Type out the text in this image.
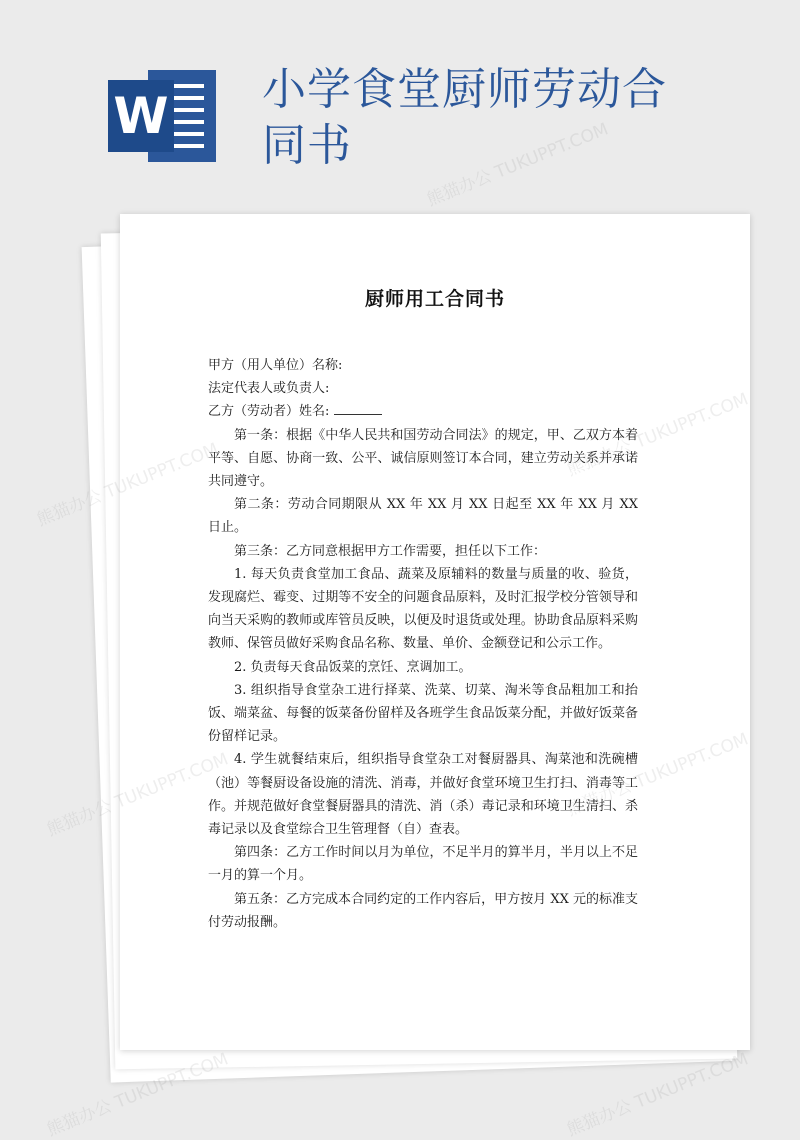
W 小学食堂厨师劳动合同书
厨师用工合同书

甲方（用人单位）名称:

法定代表人或负责人:

乙方（劳动者）姓名:

第一条：根据《中华人民共和国劳动合同法》的规定，甲、乙双方本着平等、自愿、协商一致、公平、诚信原则签订本合同，建立劳动关系并承诺共同遵守。

第二条：劳动合同期限从 XX 年 XX 月 XX 日起至 XX 年 XX 月 XX 日止。

第三条：乙方同意根据甲方工作需要，担任以下工作：

1. 每天负责食堂加工食品、蔬菜及原辅料的数量与质量的收、验货，发现腐烂、霉变、过期等不安全的问题食品原料，及时汇报学校分管领导和向当天采购的教师或库管员反映，以便及时退货或处理。协助食品原料采购教师、保管员做好采购食品名称、数量、单价、金额登记和公示工作。

2. 负责每天食品饭菜的烹饪、烹调加工。

3. 组织指导食堂杂工进行择菜、洗菜、切菜、淘米等食品粗加工和抬饭、端菜盆、每餐的饭菜备份留样及各班学生食品饭菜分配，并做好饭菜备份留样记录。

4. 学生就餐结束后，组织指导食堂杂工对餐厨器具、淘菜池和洗碗槽（池）等餐厨设备设施的清洗、消毒，并做好食堂环境卫生打扫、消毒等工作。并规范做好食堂餐厨器具的清洗、消（杀）毒记录和环境卫生清扫、杀毒记录以及食堂综合卫生管理督（自）查表。

第四条：乙方工作时间以月为单位，不足半月的算半月，半月以上不足一月的算一个月。

第五条：乙方完成本合同约定的工作内容后，甲方按月 XX 元的标准支付劳动报酬。

熊猫办公 TUKUPPT.COM
熊猫办公
熊猫办公
熊猫办公 TUKUPPT.COM	熊猫办公 TUKUPPT.COM
